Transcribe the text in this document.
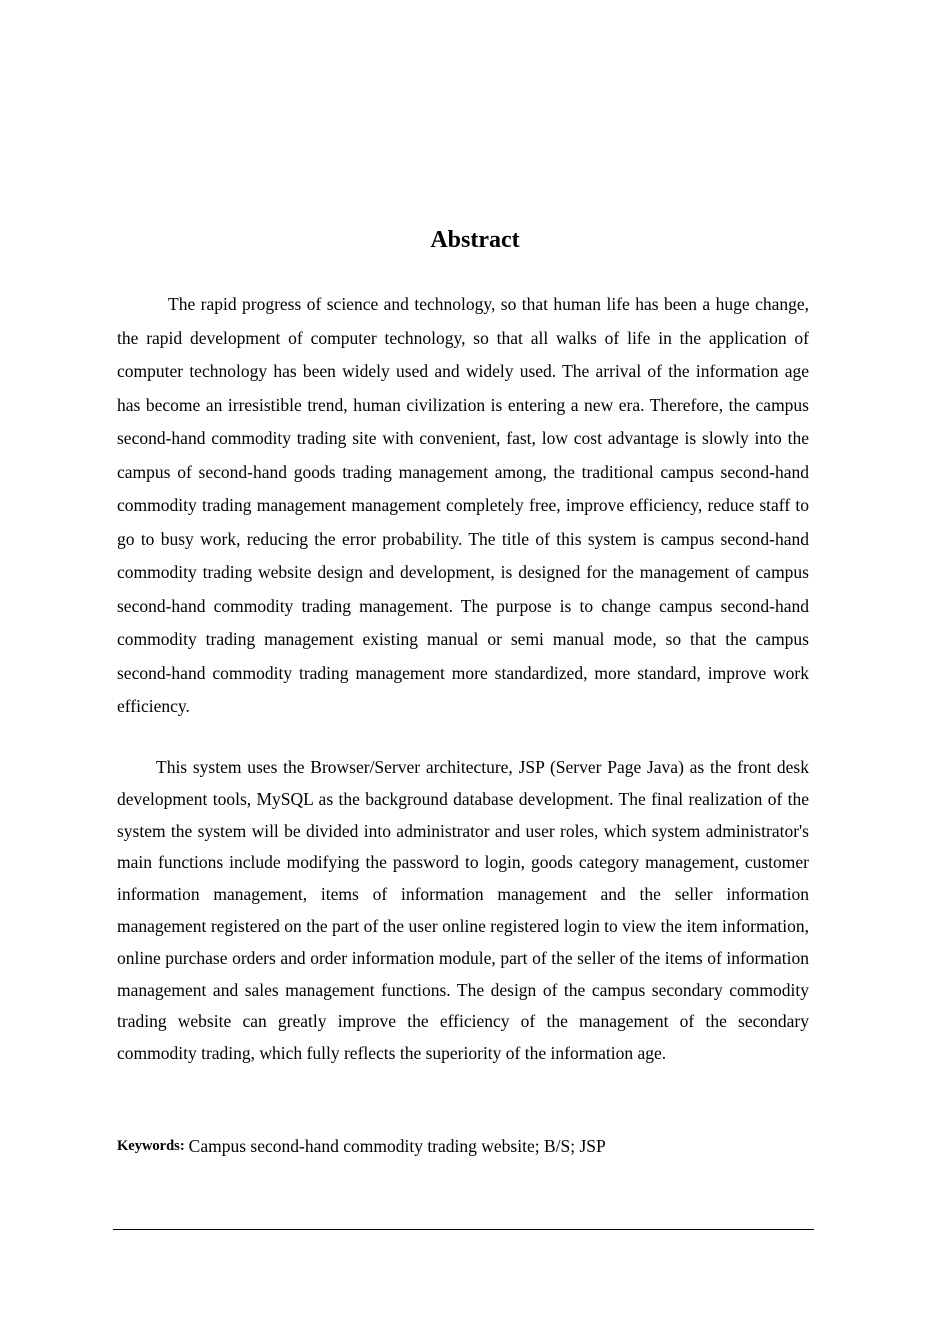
Abstract

The rapid progress of science and technology, so that human life has been a huge change, the rapid development of computer technology, so that all walks of life in the application of computer technology has been widely used and widely used. The arrival of the information age has become an irresistible trend, human civilization is entering a new era. Therefore, the campus second-hand commodity trading site with convenient, fast, low cost advantage is slowly into the campus of second-hand goods trading management among, the traditional campus second-hand commodity trading management management completely free, improve efficiency, reduce staff to go to busy work, reducing the error probability. The title of this system is campus second-hand commodity trading website design and development, is designed for the management of campus second-hand commodity trading management. The purpose is to change campus second-hand commodity trading management existing manual or semi manual mode, so that the campus second-hand commodity trading management more standardized, more standard, improve work efficiency.

This system uses the Browser/Server architecture, JSP (Server Page Java) as the front desk development tools, MySQL as the background database development. The final realization of the system the system will be divided into administrator and user roles, which system administrator's main functions include modifying the password to login, goods category management, customer information management, items of information management and the seller information management registered on the part of the user online registered login to view the item information, online purchase orders and order information module, part of the seller of the items of information management and sales management functions. The design of the campus secondary commodity trading website can greatly improve the efficiency of the management of the secondary commodity trading, which fully reflects the superiority of the information age.

Keywords: Campus second-hand commodity trading website; B/S; JSP
